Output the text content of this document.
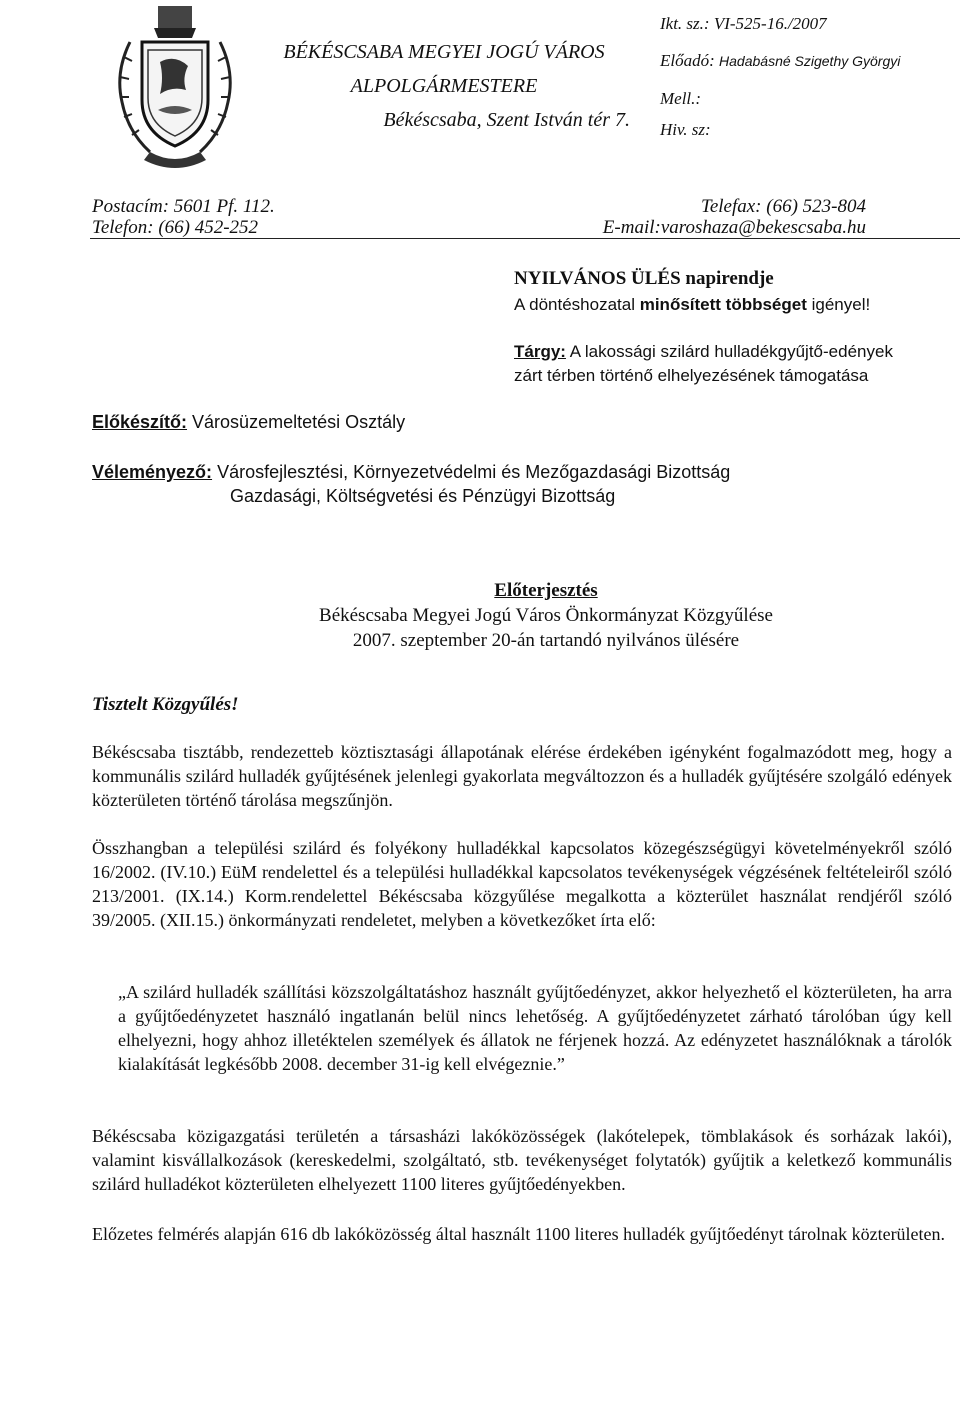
BÉKÉSCSABA MEGYEI JOGÚ VÁROS
ALPOLGÁRMESTERE
Békéscsaba, Szent István tér 7.
Ikt. sz.: VI-525-16./2007
Előadó: Hadabásné Szigethy Györgyi
Mell.:
Hiv. sz:
Postacím: 5601 Pf. 112.
Telefon: (66) 452-252
Telefax: (66) 523-804
E-mail:varoshaza@bekescsaba.hu
NYILVÁNOS ÜLÉS napirendje
A döntéshozatal minősített többséget igényel!
Tárgy: A lakossági szilárd hulladékgyűjtő-edények
zárt térben történő elhelyezésének támogatása
Előkészítő: Városüzemeltetési Osztály
Véleményező: Városfejlesztési, Környezetvédelmi és Mezőgazdasági Bizottság
Gazdasági, Költségvetési és Pénzügyi Bizottság
Előterjesztés
Békéscsaba Megyei Jogú Város Önkormányzat Közgyűlése
2007. szeptember 20-án tartandó nyilvános ülésére
Tisztelt Közgyűlés!
Békéscsaba tisztább, rendezetteb köztisztasági állapotának elérése érdekében igényként fogalmazódott meg, hogy a kommunális szilárd hulladék gyűjtésének jelenlegi gyakorlata megváltozzon és a hulladék gyűjtésére szolgáló edények közterületen történő tárolása megszűnjön.
Összhangban a települési szilárd és folyékony hulladékkal kapcsolatos közegészségügyi követelményekről szóló 16/2002. (IV.10.) EüM rendelettel és a települési hulladékkal kapcsolatos tevékenységek végzésének feltételeiről szóló 213/2001. (IX.14.) Korm.rendelettel Békéscsaba közgyűlése megalkotta a közterület használat rendjéről szóló 39/2005. (XII.15.) önkormányzati rendeletet, melyben a következőket írta elő:
„A szilárd hulladék szállítási közszolgáltatáshoz használt gyűjtőedényzet, akkor helyezhető el közterületen, ha arra a gyűjtőedényzetet használó ingatlanán belül nincs lehetőség. A gyűjtőedényzetet zárható tárolóban úgy kell elhelyezni, hogy ahhoz illetéktelen személyek és állatok ne férjenek hozzá. Az edényzetet használóknak a tárolók kialakítását legkésőbb 2008. december 31-ig kell elvégeznie.”
Békéscsaba közigazgatási területén a társasházi lakóközösségek (lakótelepek, tömblakások és sorházak lakói), valamint kisvállalkozások (kereskedelmi, szolgáltató, stb. tevékenységet folytatók) gyűjtik a keletkező kommunális szilárd hulladékot közterületen elhelyezett 1100 literes gyűjtőedényekben.
Előzetes felmérés alapján 616 db lakóközösség által használt 1100 literes hulladék gyűjtőedényt tárolnak közterületen.
